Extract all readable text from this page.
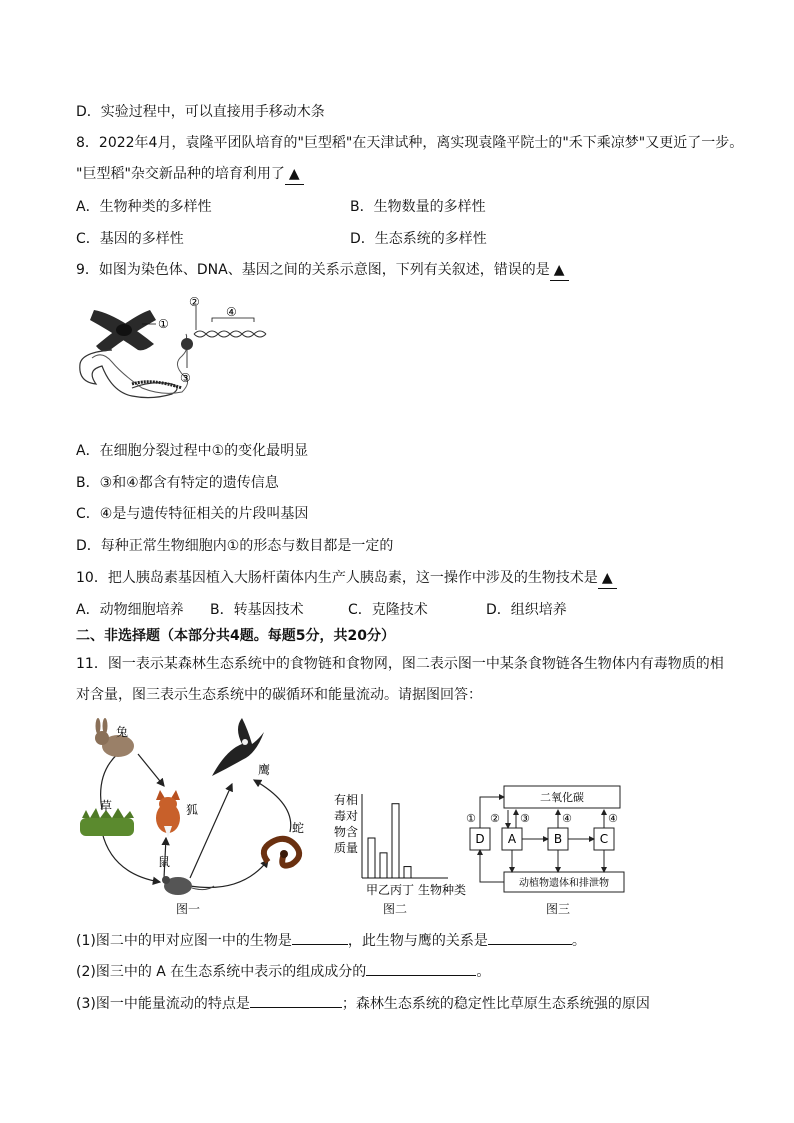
D．实验过程中，可以直接用手移动木条
8．2022年4月，袁隆平团队培育的"巨型稻"在天津试种，离实现袁隆平院士的"禾下乘凉梦"又更近了一步。
"巨型稻"杂交新品种的培育利用了 ▲
A．生物种类的多样性	B．生物数量的多样性
C．基因的多样性	D．生态系统的多样性
9．如图为染色体、DNA、基因之间的关系示意图，下列有关叙述，错误的是 ▲
①
③
②
④
A．在细胞分裂过程中①的变化最明显
B．③和④都含有特定的遗传信息
C．④是与遗传特征相关的片段叫基因
D．每种正常生物细胞内①的形态与数目都是一定的
10．把人胰岛素基因植入大肠杆菌体内生产人胰岛素，这一操作中涉及的生物技术是 ▲
A．动物细胞培养 B．转基因技术	C．克隆技术	D．组织培养
二、非选择题（本部分共4题。每题5分，共20分）
11．图一表示某森林生态系统中的食物链和食物网，图二表示图一中某条食物链各生物体内有毒物质的相
对含量，图三表示生态系统中的碳循环和能量流动。请据图回答：
兔
鹰
草	狐
蛇
鼠
图一
有相
毒对
物含
质量
甲乙丙丁 生物种类
图二
二氧化碳
D A	B	C
动植物遗体和排泄物
① ② ③	④	④
图三
(1)图二中的甲对应图一中的生物是	，此生物与鹰的关系是	。
(2)图三中的 A 在生态系统中表示的组成成分的	。
(3)图一中能量流动的特点是	；森林生态系统的稳定性比草原生态系统强的原因
